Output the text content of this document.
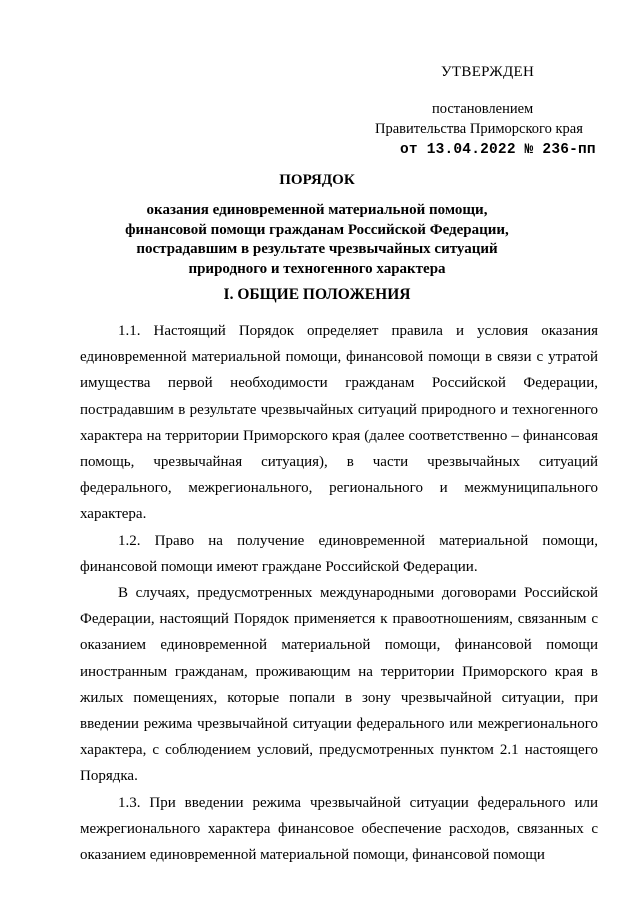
УТВЕРЖДЕН
постановлением
Правительства Приморского края
от 13.04.2022 № 236-пп
ПОРЯДОК
оказания единовременной материальной помощи,
финансовой помощи гражданам Российской Федерации,
пострадавшим в результате чрезвычайных ситуаций
природного и техногенного характера
I. ОБЩИЕ ПОЛОЖЕНИЯ

1.1. Настоящий Порядок определяет правила и условия оказания единовременной материальной помощи, финансовой помощи в связи с утратой имущества первой необходимости гражданам Российской Федерации, пострадавшим в результате чрезвычайных ситуаций природного и техногенного характера на территории Приморского края (далее соответственно – финансовая помощь, чрезвычайная ситуация), в части чрезвычайных ситуаций федерального, межрегионального, регионального и межмуниципального характера.

1.2. Право на получение единовременной материальной помощи, финансовой помощи имеют граждане Российской Федерации.

В случаях, предусмотренных международными договорами Российской Федерации, настоящий Порядок применяется к правоотношениям, связанным с оказанием единовременной материальной помощи, финансовой помощи иностранным гражданам, проживающим на территории Приморского края в жилых помещениях, которые попали в зону чрезвычайной ситуации, при введении режима чрезвычайной ситуации федерального или межрегионального характера, с соблюдением условий, предусмотренных пунктом 2.1 настоящего Порядка.

1.3. При введении режима чрезвычайной ситуации федерального или межрегионального характера финансовое обеспечение расходов, связанных с оказанием единовременной материальной помощи, финансовой помощи
